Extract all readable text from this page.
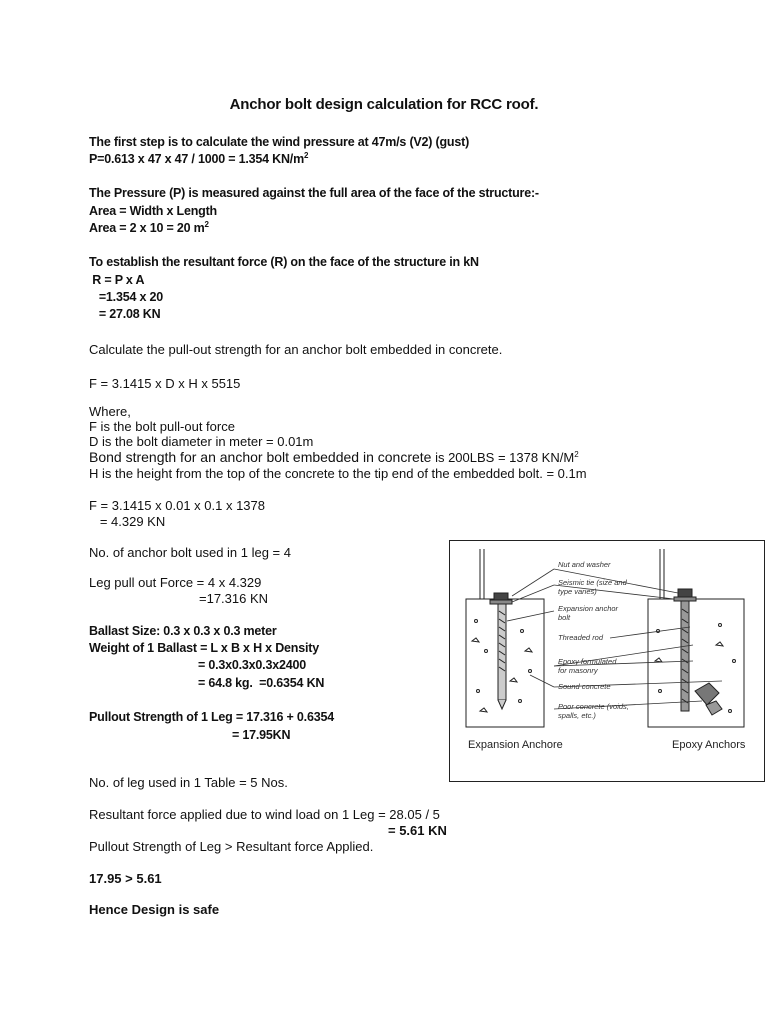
Anchor bolt design calculation for RCC roof.
The first step is to calculate the wind pressure at 47m/s (V2) (gust)
P=0.613 x 47 x 47 / 1000 = 1.354 $KN/m^2$
The Pressure (P) is measured against the full area of the face of the structure:-
Area = Width x Length
Area = 2 x 10 = 20 $m^2$
To establish the resultant force (R) on the face of the structure in kN
R = P x A
=1.354 x 20
= 27.08 KN
Calculate the pull-out strength for an anchor bolt embedded in concrete.
F = 3.1415 x D x H x 5515
Where,
F is the bolt pull-out force
D is the bolt diameter in meter = 0.01m
Bond strength for an anchor bolt embedded in concrete is 200LBS = 1378 $KN/M^2$
H is the height from the top of the concrete to the tip end of the embedded bolt. = 0.1m
F = 3.1415 x 0.01 x 0.1 x 1378
= 4.329 KN
No. of anchor bolt used in 1 leg = 4
Leg pull out Force = 4 x 4.329
=17.316 KN
Ballast Size: 0.3 x 0.3 x 0.3 meter
Weight of 1 Ballast = L x B x H x Density
= 0.3x0.3x0.3x2400
= 64.8 kg.  =0.6354 KN
Pullout Strength of 1 Leg = 17.316 + 0.6354
= 17.95KN
No. of leg used in 1 Table = 5 Nos.
Resultant force applied due to wind load on 1 Leg = 28.05 / 5
= 5.61 KN
Pullout Strength of Leg > Resultant force Applied.
17.95 > 5.61
Hence Design is safe
Nut and washer
Seismic tie (size and
type varies)
Expansion anchor
bolt
Threaded rod
Epoxy formulated
for masonry
Sound concrete
Poor concrete (voids,
spalls, etc.)
Expansion Anchore	Epoxy Anchors
